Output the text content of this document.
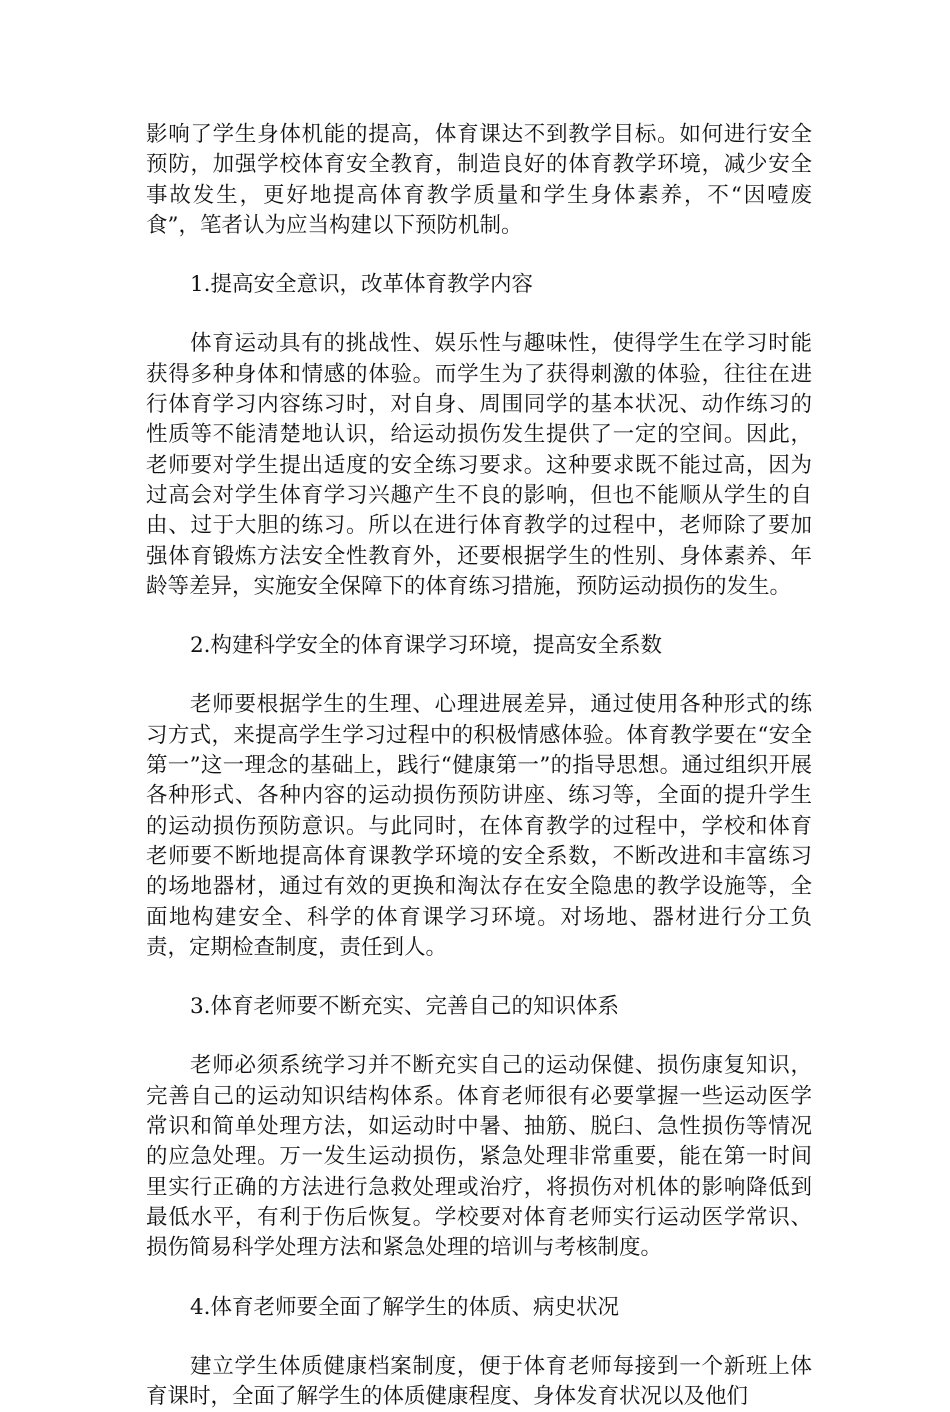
影响了学生身体机能的提高，体育课达不到教学目标。如何进行安全预防，加强学校体育安全教育，制造良好的体育教学环境，减少安全事故发生，更好地提高体育教学质量和学生身体素养，不“因噎废食”，笔者认为应当构建以下预防机制。

1.提高安全意识，改革体育教学内容

体育运动具有的挑战性、娱乐性与趣味性，使得学生在学习时能获得多种身体和情感的体验。而学生为了获得刺激的体验，往往在进行体育学习内容练习时，对自身、周围同学的基本状况、动作练习的性质等不能清楚地认识，给运动损伤发生提供了一定的空间。因此，老师要对学生提出适度的安全练习要求。这种要求既不能过高，因为过高会对学生体育学习兴趣产生不良的影响，但也不能顺从学生的自由、过于大胆的练习。所以在进行体育教学的过程中，老师除了要加强体育锻炼方法安全性教育外，还要根据学生的性别、身体素养、年龄等差异，实施安全保障下的体育练习措施，预防运动损伤的发生。

2.构建科学安全的体育课学习环境，提高安全系数

老师要根据学生的生理、心理进展差异，通过使用各种形式的练习方式，来提高学生学习过程中的积极情感体验。体育教学要在“安全第一”这一理念的基础上，践行“健康第一”的指导思想。通过组织开展各种形式、各种内容的运动损伤预防讲座、练习等，全面的提升学生的运动损伤预防意识。与此同时，在体育教学的过程中，学校和体育老师要不断地提高体育课教学环境的安全系数，不断改进和丰富练习的场地器材，通过有效的更换和淘汰存在安全隐患的教学设施等，全面地构建安全、科学的体育课学习环境。对场地、器材进行分工负责，定期检查制度，责任到人。

3.体育老师要不断充实、完善自己的知识体系

老师必须系统学习并不断充实自己的运动保健、损伤康复知识，完善自己的运动知识结构体系。体育老师很有必要掌握一些运动医学常识和简单处理方法，如运动时中暑、抽筋、脱臼、急性损伤等情况的应急处理。万一发生运动损伤，紧急处理非常重要，能在第一时间里实行正确的方法进行急救处理或治疗，将损伤对机体的影响降低到最低水平，有利于伤后恢复。学校要对体育老师实行运动医学常识、损伤简易科学处理方法和紧急处理的培训与考核制度。

4.体育老师要全面了解学生的体质、病史状况

建立学生体质健康档案制度，便于体育老师每接到一个新班上体育课时，全面了解学生的体质健康程度、身体发育状况以及他们
